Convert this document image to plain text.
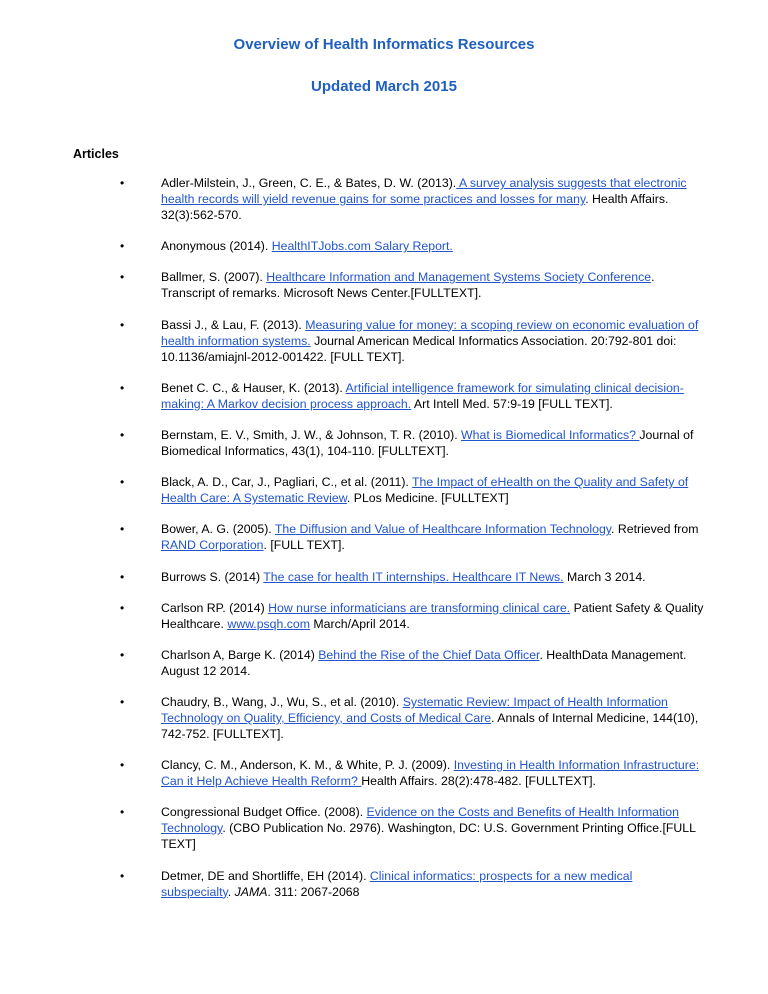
Overview of Health Informatics Resources
Updated March 2015
Articles
•	Adler-Milstein, J., Green, C. E., & Bates, D. W. (2013). A survey analysis suggests that electronic health records will yield revenue gains for some practices and losses for many. Health Affairs. 32(3):562-570.
•	Anonymous (2014). HealthITJobs.com Salary Report.
•	Ballmer, S. (2007). Healthcare Information and Management Systems Society Conference. Transcript of remarks. Microsoft News Center.[FULLTEXT].
•	Bassi J., & Lau, F. (2013). Measuring value for money: a scoping review on economic evaluation of health information systems. Journal American Medical Informatics Association. 20:792-801 doi: 10.1136/amiajnl-2012-001422. [FULL TEXT].
•	Benet C. C., & Hauser, K. (2013). Artificial intelligence framework for simulating clinical decision-making: A Markov decision process approach. Art Intell Med. 57:9-19 [FULL TEXT].
•	Bernstam, E. V., Smith, J. W., & Johnson, T. R. (2010). What is Biomedical Informatics? Journal of Biomedical Informatics, 43(1), 104-110. [FULLTEXT].
•	Black, A. D., Car, J., Pagliari, C., et al. (2011). The Impact of eHealth on the Quality and Safety of Health Care: A Systematic Review. PLos Medicine. [FULLTEXT]
•	Bower, A. G. (2005). The Diffusion and Value of Healthcare Information Technology. Retrieved from RAND Corporation. [FULL TEXT].
•	Burrows S. (2014) The case for health IT internships. Healthcare IT News. March 3 2014.
•	Carlson RP. (2014) How nurse informaticians are transforming clinical care. Patient Safety & Quality Healthcare. www.psqh.com March/April 2014.
•	Charlson A, Barge K. (2014) Behind the Rise of the Chief Data Officer. HealthData Management. August 12 2014.
•	Chaudry, B., Wang, J., Wu, S., et al. (2010). Systematic Review: Impact of Health Information Technology on Quality, Efficiency, and Costs of Medical Care. Annals of Internal Medicine, 144(10), 742-752. [FULLTEXT].
•	Clancy, C. M., Anderson, K. M., & White, P. J. (2009). Investing in Health Information Infrastructure: Can it Help Achieve Health Reform? Health Affairs. 28(2):478-482. [FULLTEXT].
•	Congressional Budget Office. (2008). Evidence on the Costs and Benefits of Health Information Technology. (CBO Publication No. 2976). Washington, DC: U.S. Government Printing Office.[FULL TEXT]
•	Detmer, DE and Shortliffe, EH (2014). Clinical informatics: prospects for a new medical subspecialty. JAMA. 311: 2067-2068
